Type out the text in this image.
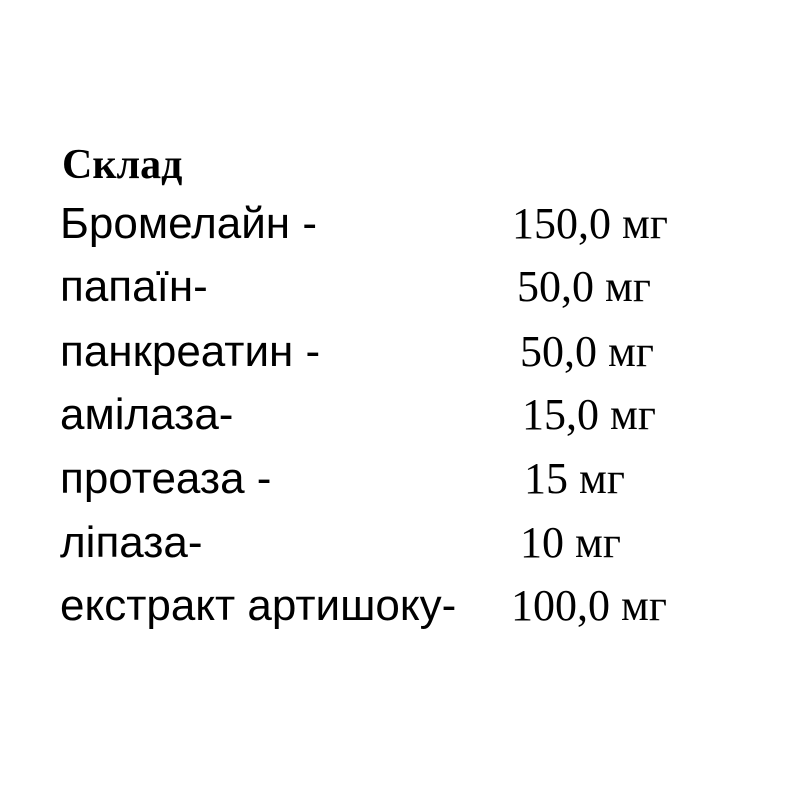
Склад
Бромелайн -	150,0 мг
папаїн-	50,0 мг
панкреатин -	50,0 мг
амілаза-	15,0 мг
протеаза -	15 мг
ліпаза-	10 мг
екстракт артишоку- 100,0 мг
